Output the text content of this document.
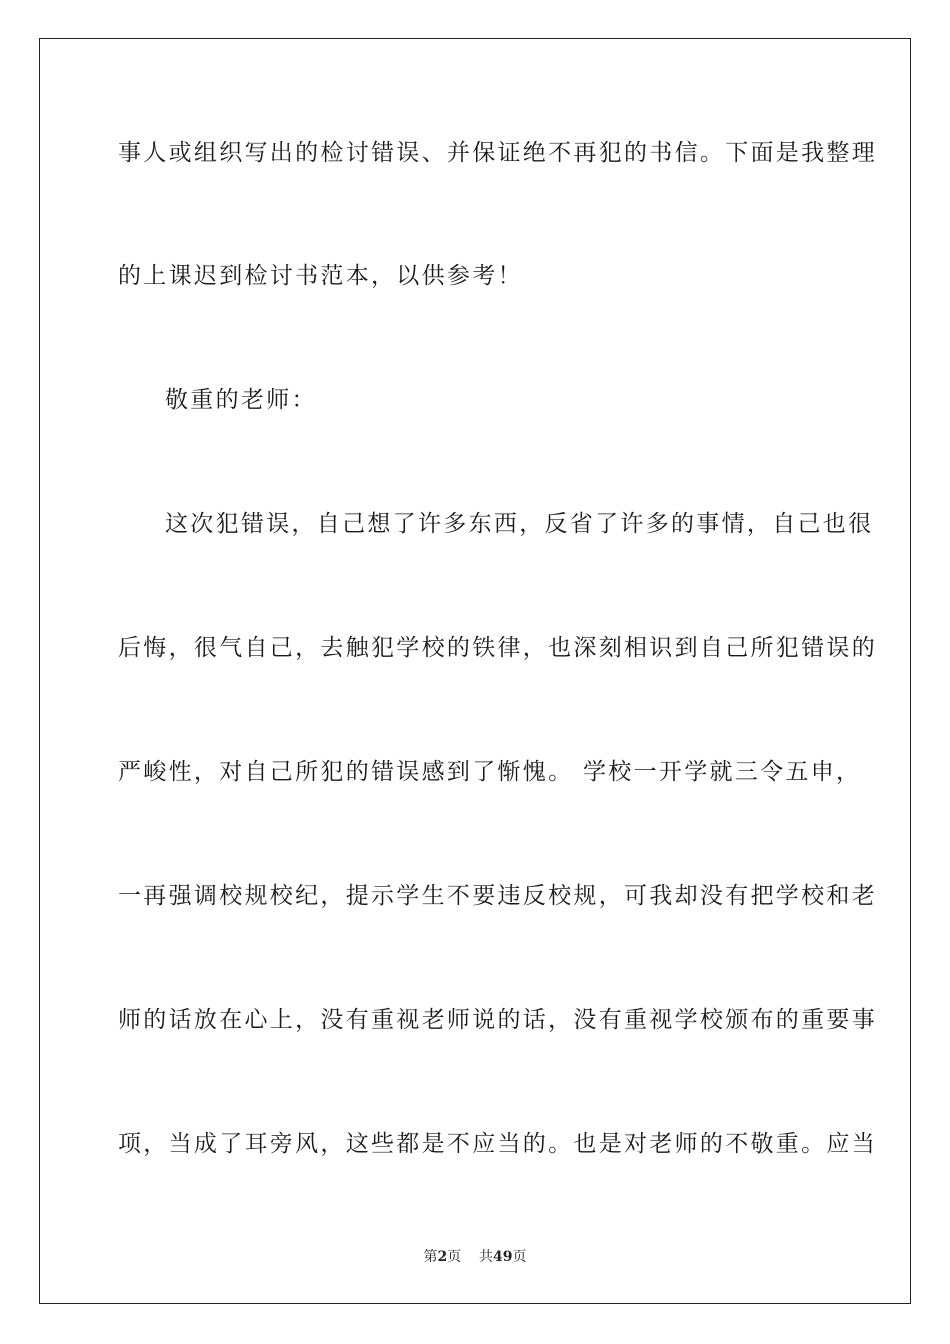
事人或组织写出的检讨错误、并保证绝不再犯的书信。下面是我整理
的上课迟到检讨书范本，以供参考！
敬重的老师：
这次犯错误，自己想了许多东西，反省了许多的事情，自己也很
后悔，很气自己，去触犯学校的铁律，也深刻相识到自己所犯错误的
严峻性，对自己所犯的错误感到了惭愧。 学校一开学就三令五申，
一再强调校规校纪，提示学生不要违反校规，可我却没有把学校和老
师的话放在心上，没有重视老师说的话，没有重视学校颁布的重要事
项，当成了耳旁风，这些都是不应当的。也是对老师的不敬重。应当
第2页 共49页
